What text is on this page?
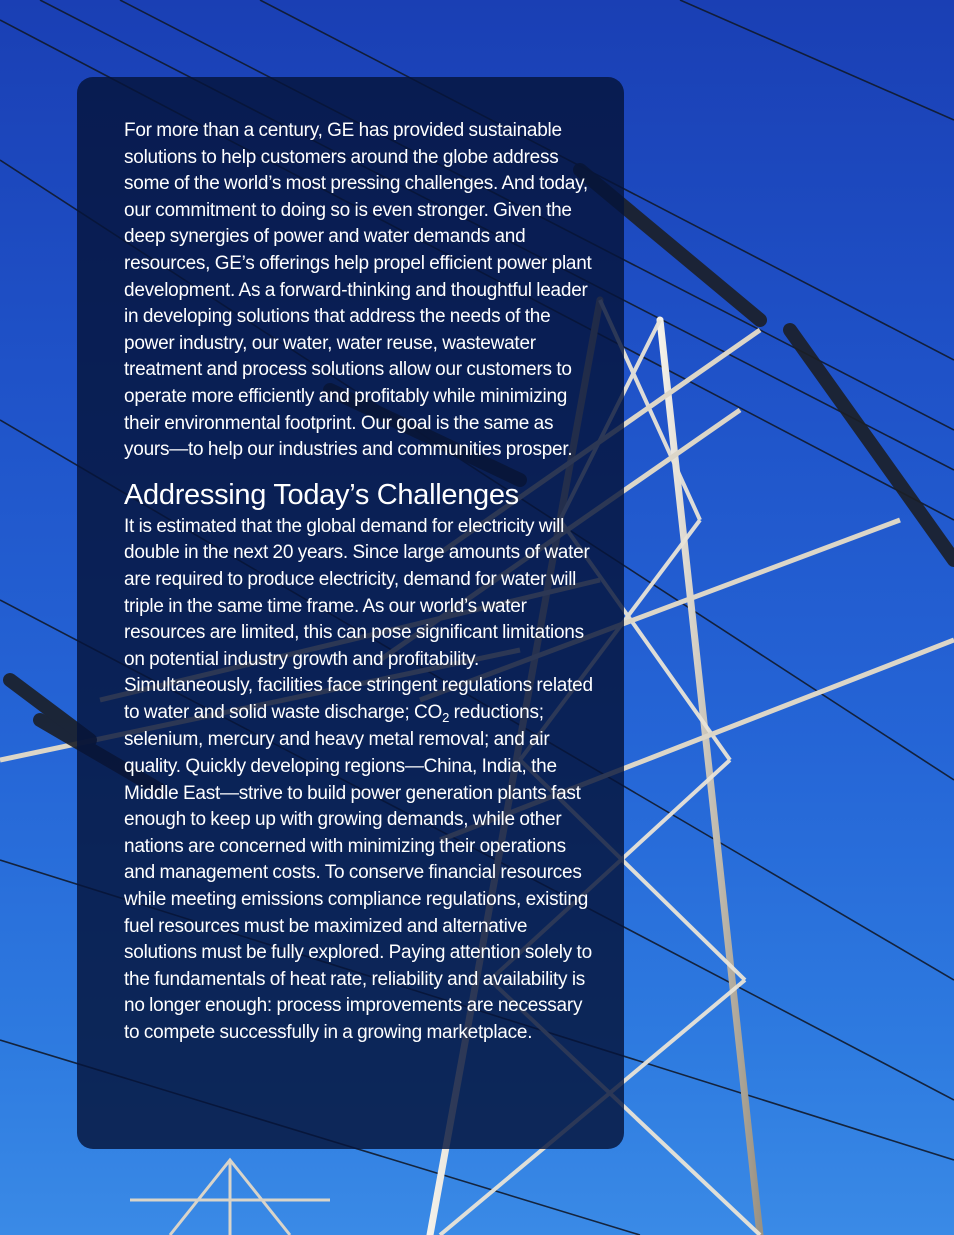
For more than a century, GE has provided sustainable solutions to help customers around the globe address some of the world’s most pressing challenges. And today, our commitment to doing so is even stronger. Given the deep synergies of power and water demands and resources, GE’s offerings help propel efficient power plant development. As a forward-thinking and thoughtful leader in developing solutions that address the needs of the power industry, our water, water reuse, wastewater treatment and process solutions allow our customers to operate more efficiently and profitably while minimizing their environmental footprint. Our goal is the same as yours—to help our industries and communities prosper.

Addressing Today’s Challenges

It is estimated that the global demand for electricity will double in the next 20 years. Since large amounts of water are required to produce electricity, demand for water will triple in the same time frame. As our world’s water resources are limited, this can pose significant limitations on potential industry growth and profitability. Simultaneously, facilities face stringent regulations related to water and solid waste discharge; $CO_2$ reductions; selenium, mercury and heavy metal removal; and air quality. Quickly developing regions—China, India, the Middle East—strive to build power generation plants fast enough to keep up with growing demands, while other nations are concerned with minimizing their operations and management costs. To conserve financial resources while meeting emissions compliance regulations, existing fuel resources must be maximized and alternative solutions must be fully explored. Paying attention solely to the fundamentals of heat rate, reliability and availability is no longer enough: process improvements are necessary to compete successfully in a growing marketplace.
